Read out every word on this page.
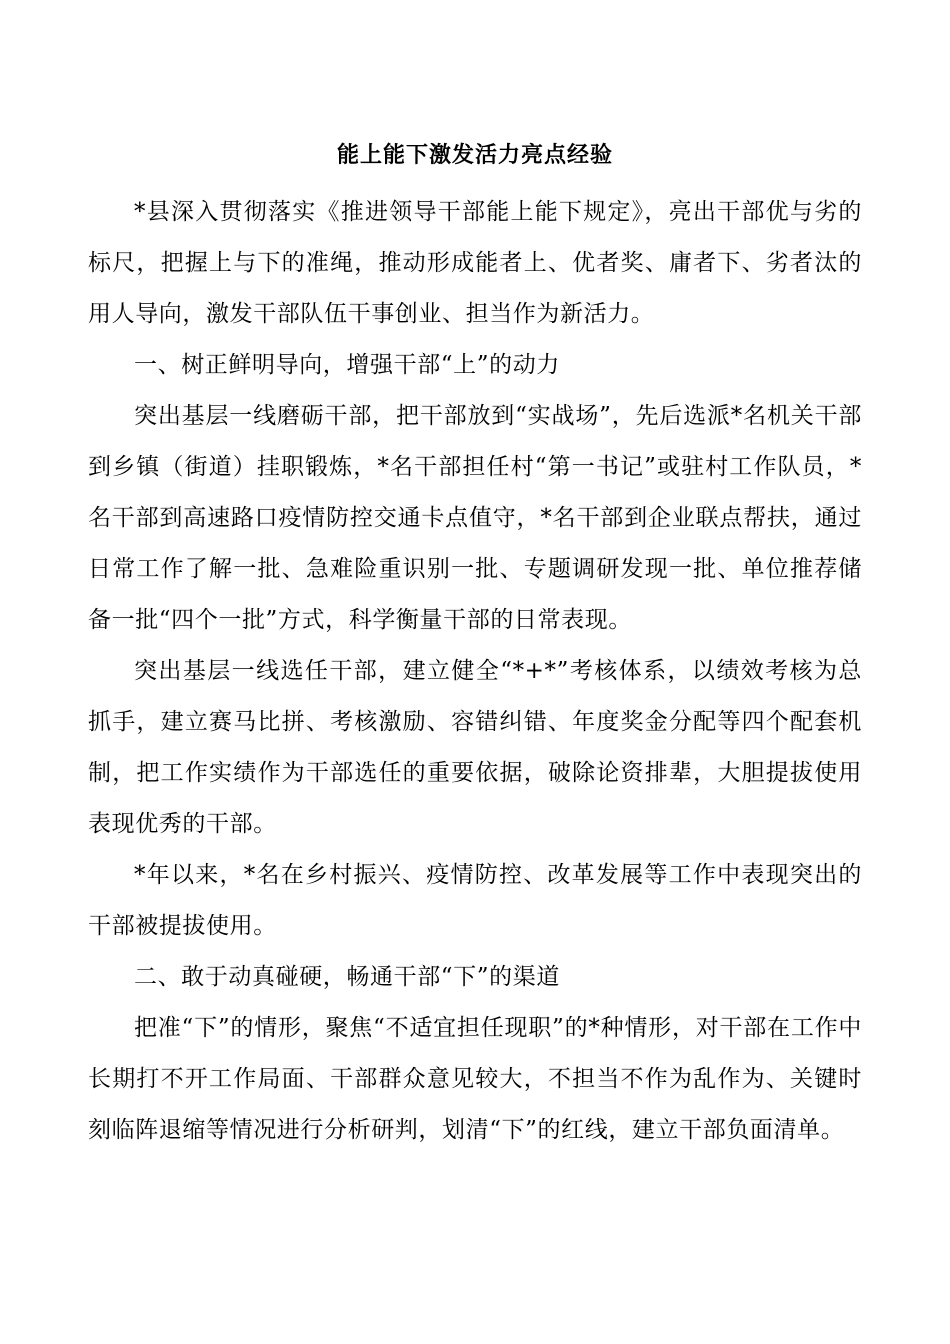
能上能下激发活力亮点经验

*县深入贯彻落实《推进领导干部能上能下规定》，亮出干部优与劣的标尺，把握上与下的准绳，推动形成能者上、优者奖、庸者下、劣者汰的用人导向，激发干部队伍干事创业、担当作为新活力。

一、树正鲜明导向，增强干部“上”的动力

突出基层一线磨砺干部，把干部放到“实战场”，先后选派*名机关干部到乡镇（街道）挂职锻炼，*名干部担任村“第一书记”或驻村工作队员，*名干部到高速路口疫情防控交通卡点值守，*名干部到企业联点帮扶，通过日常工作了解一批、急难险重识别一批、专题调研发现一批、单位推荐储备一批“四个一批”方式，科学衡量干部的日常表现。

突出基层一线选任干部，建立健全“*+*”考核体系，以绩效考核为总抓手，建立赛马比拼、考核激励、容错纠错、年度奖金分配等四个配套机制，把工作实绩作为干部选任的重要依据，破除论资排辈，大胆提拔使用表现优秀的干部。

*年以来，*名在乡村振兴、疫情防控、改革发展等工作中表现突出的干部被提拔使用。

二、敢于动真碰硬，畅通干部“下”的渠道

把准“下”的情形，聚焦“不适宜担任现职”的*种情形，对干部在工作中长期打不开工作局面、干部群众意见较大，不担当不作为乱作为、关键时刻临阵退缩等情况进行分析研判，划清“下”的红线，建立干部负面清单。
